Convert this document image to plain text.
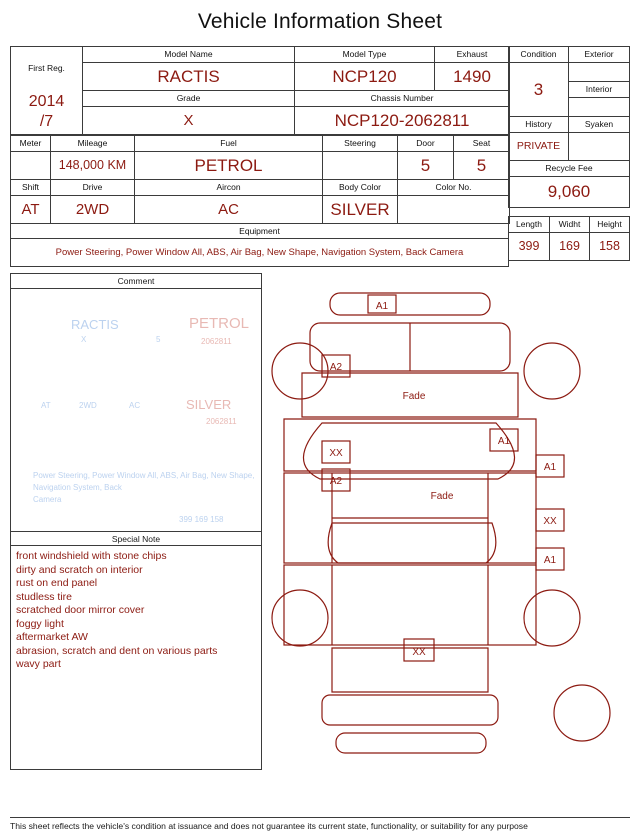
Vehicle Information Sheet
First Reg.	Model Name	Model Type	Exhaust
	RACTIS	NCP120	1490

2014
/7	Grade	Chassis Number	
	X	NCP120-2062811	
Meter	Mileage	Fuel	Steering	Door	Seat
	148,000 KM	PETROL		5	5
Shift	Drive	Aircon	Body Color	Color No.	
AT	2WD	AC	SILVER		
Equipment
Power Steering, Power Window All, ABS, Air Bag, New Shape, Navigation System, Back Camera
Condition	Exterior
3	
	Interior

History	Syaken
PRIVATE	
Recycle Fee	
9,060	
Length	Widht	Height
399	169	158
Comment
RACTIS
X	5
PETROL
2062811
AT	2WD	AC	SILVER
2062811
Power Steering, Power Window All, ABS, Air Bag, New Shape,
Navigation System, Back
Camera
399 169 158
Special Note
front windshield with stone chips
dirty and scratch on interior
rust on end panel
studless tire
scratched door mirror cover
foggy light
aftermarket AW
abrasion, scratch and dent on various parts
wavy part
A1
A2
Fade
A1
XX
A1
A2
Fade
XX
A1
XX
This sheet reflects the vehicle's condition at issuance and does not guarantee its current state, functionality, or suitability for any purpose
